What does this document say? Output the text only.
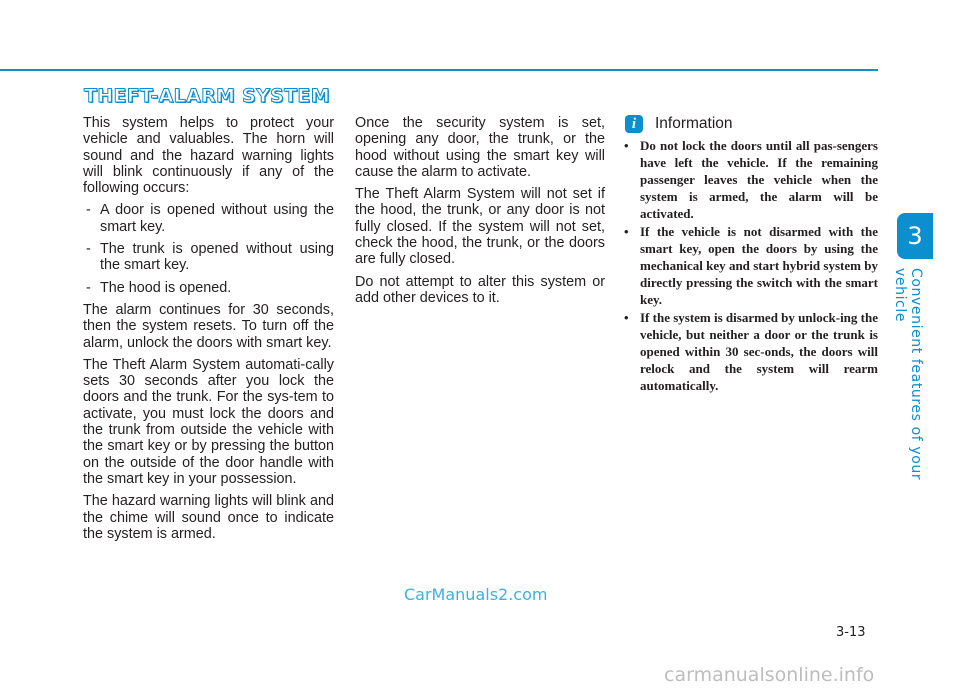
THEFT-ALARM SYSTEM

This system helps to protect your vehicle and valuables. The horn will sound and the hazard warning lights will blink continuously if any of the following occurs:

- A door is opened without using the smart key.
- The trunk is opened without using the smart key.
- The hood is opened.

The alarm continues for 30 seconds, then the system resets. To turn off the alarm, unlock the doors with smart key.

The Theft Alarm System automati-cally sets 30 seconds after you lock the doors and the trunk. For the sys-tem to activate, you must lock the doors and the trunk from outside the vehicle with the smart key or by pressing the button on the outside of the door handle with the smart key in your possession.

The hazard warning lights will blink and the chime will sound once to indicate the system is armed.

Once the security system is set, opening any door, the trunk, or the hood without using the smart key will cause the alarm to activate.

The Theft Alarm System will not set if the hood, the trunk, or any door is not fully closed. If the system will not set, check the hood, the trunk, or the doors are fully closed.

Do not attempt to alter this system or add other devices to it.

i	Information
• Do not lock the doors until all pas-sengers have left the vehicle. If the remaining passenger leaves the vehicle when the system is armed, the alarm will be activated.
• If the vehicle is not disarmed with the smart key, open the doors by using the mechanical key and start hybrid system by directly pressing the switch with the smart key.
• If the system is disarmed by unlock-ing the vehicle, but neither a door or the trunk is opened within 30 sec-onds, the doors will relock and the system will rearm automatically.
3
Convenient features of your vehicle
CarManuals2.com
3-13
carmanualsonline.info
